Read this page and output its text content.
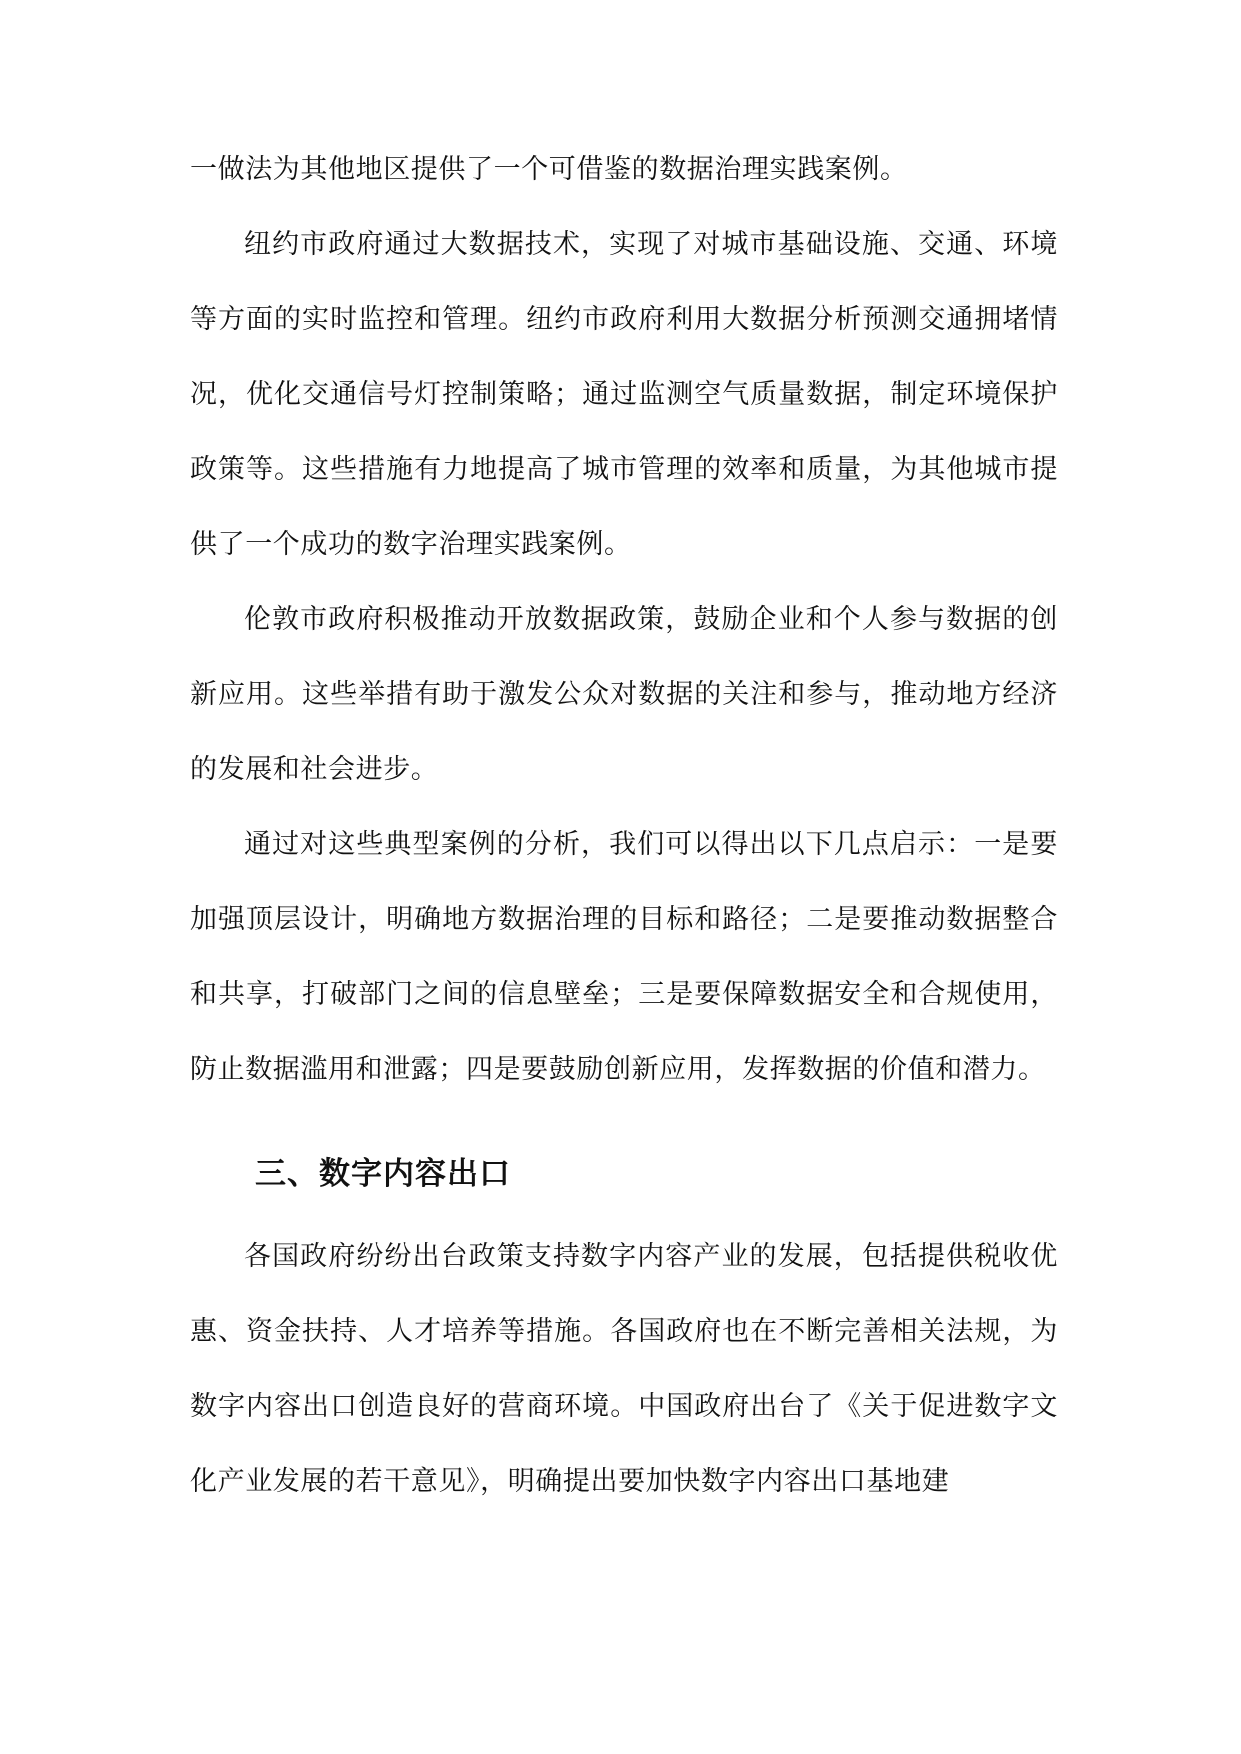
一做法为其他地区提供了一个可借鉴的数据治理实践案例。

纽约市政府通过大数据技术，实现了对城市基础设施、交通、环境等方面的实时监控和管理。纽约市政府利用大数据分析预测交通拥堵情况，优化交通信号灯控制策略；通过监测空气质量数据，制定环境保护政策等。这些措施有力地提高了城市管理的效率和质量，为其他城市提供了一个成功的数字治理实践案例。

伦敦市政府积极推动开放数据政策，鼓励企业和个人参与数据的创新应用。这些举措有助于激发公众对数据的关注和参与，推动地方经济的发展和社会进步。

通过对这些典型案例的分析，我们可以得出以下几点启示：一是要加强顶层设计，明确地方数据治理的目标和路径；二是要推动数据整合和共享，打破部门之间的信息壁垒；三是要保障数据安全和合规使用，防止数据滥用和泄露；四是要鼓励创新应用，发挥数据的价值和潜力。

三、数字内容出口

各国政府纷纷出台政策支持数字内容产业的发展，包括提供税收优惠、资金扶持、人才培养等措施。各国政府也在不断完善相关法规，为数字内容出口创造良好的营商环境。中国政府出台了《关于促进数字文化产业发展的若干意见》，明确提出要加快数字内容出口基地建
